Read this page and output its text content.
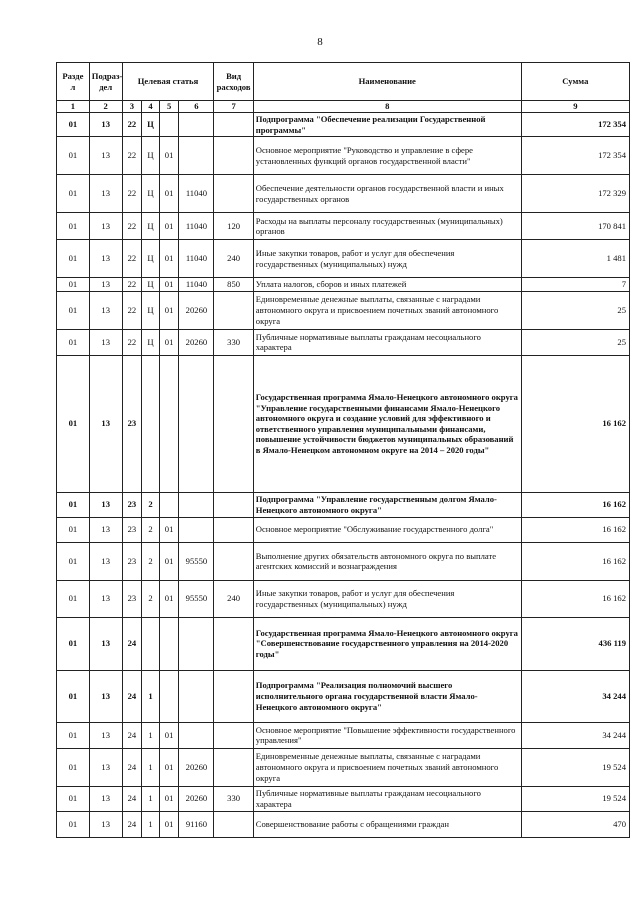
8
Разде л	Подраз- дел	Целевая статья				Вид расходов	Наименование	Сумма
1	2	3	4	5	6	7	8	9
01	13	22	Ц				Подпрограмма "Обеспечение реализации Государственной программы"	172 354
01	13	22	Ц	01			Основное мероприятие "Руководство и управление в сфере установленных функций органов государственной власти"	172 354
01	13	22	Ц	01	11040		Обеспечение деятельности органов государственной власти и иных государственных органов	172 329
01	13	22	Ц	01	11040	120	Расходы на выплаты персоналу государственных (муниципальных) органов	170 841
01	13	22	Ц	01	11040	240	Иные закупки товаров, работ и услуг для обеспечения государственных (муниципальных) нужд	1 481
01	13	22	Ц	01	11040	850	Уплата налогов, сборов и иных платежей	7
01	13	22	Ц	01	20260		Единовременные денежные выплаты, связанные с наградами автономного округа и присвоением почетных званий автономного округа	25
01	13	22	Ц	01	20260	330	Публичные нормативные выплаты гражданам несоциального характера	25
01	13	23					Государственная программа Ямало-Ненецкого автономного округа "Управление государственными финансами Ямало-Ненецкого автономного округа и создание условий для эффективного и ответственного управления муниципальными финансами, повышение устойчивости бюджетов муниципальных образований в Ямало-Ненецком автономном округе на 2014 – 2020 годы"	16 162
01	13	23	2				Подпрограмма "Управление государственным долгом Ямало-Ненецкого автономного округа"	16 162
01	13	23	2	01			Основное мероприятие "Обслуживание государственного долга"	16 162
01	13	23	2	01	95550		Выполнение других обязательств автономного округа по выплате агентских комиссий и вознаграждения	16 162
01	13	23	2	01	95550	240	Иные закупки товаров, работ и услуг для обеспечения государственных (муниципальных) нужд	16 162
01	13	24					Государственная программа Ямало-Ненецкого автономного округа "Совершенствование государственного управления на 2014-2020 годы"	436 119
01	13	24	1				Подпрограмма "Реализация полномочий высшего исполнительного органа государственной власти Ямало-Ненецкого автономного округа"	34 244
01	13	24	1	01			Основное мероприятие "Повышение эффективности государственного управления"	34 244
01	13	24	1	01	20260		Единовременные денежные выплаты, связанные с наградами автономного округа и присвоением почетных званий автономного округа	19 524
01	13	24	1	01	20260	330	Публичные нормативные выплаты гражданам несоциального характера	19 524
01	13	24	1	01	91160		Совершенствование работы с обращениями граждан	470
